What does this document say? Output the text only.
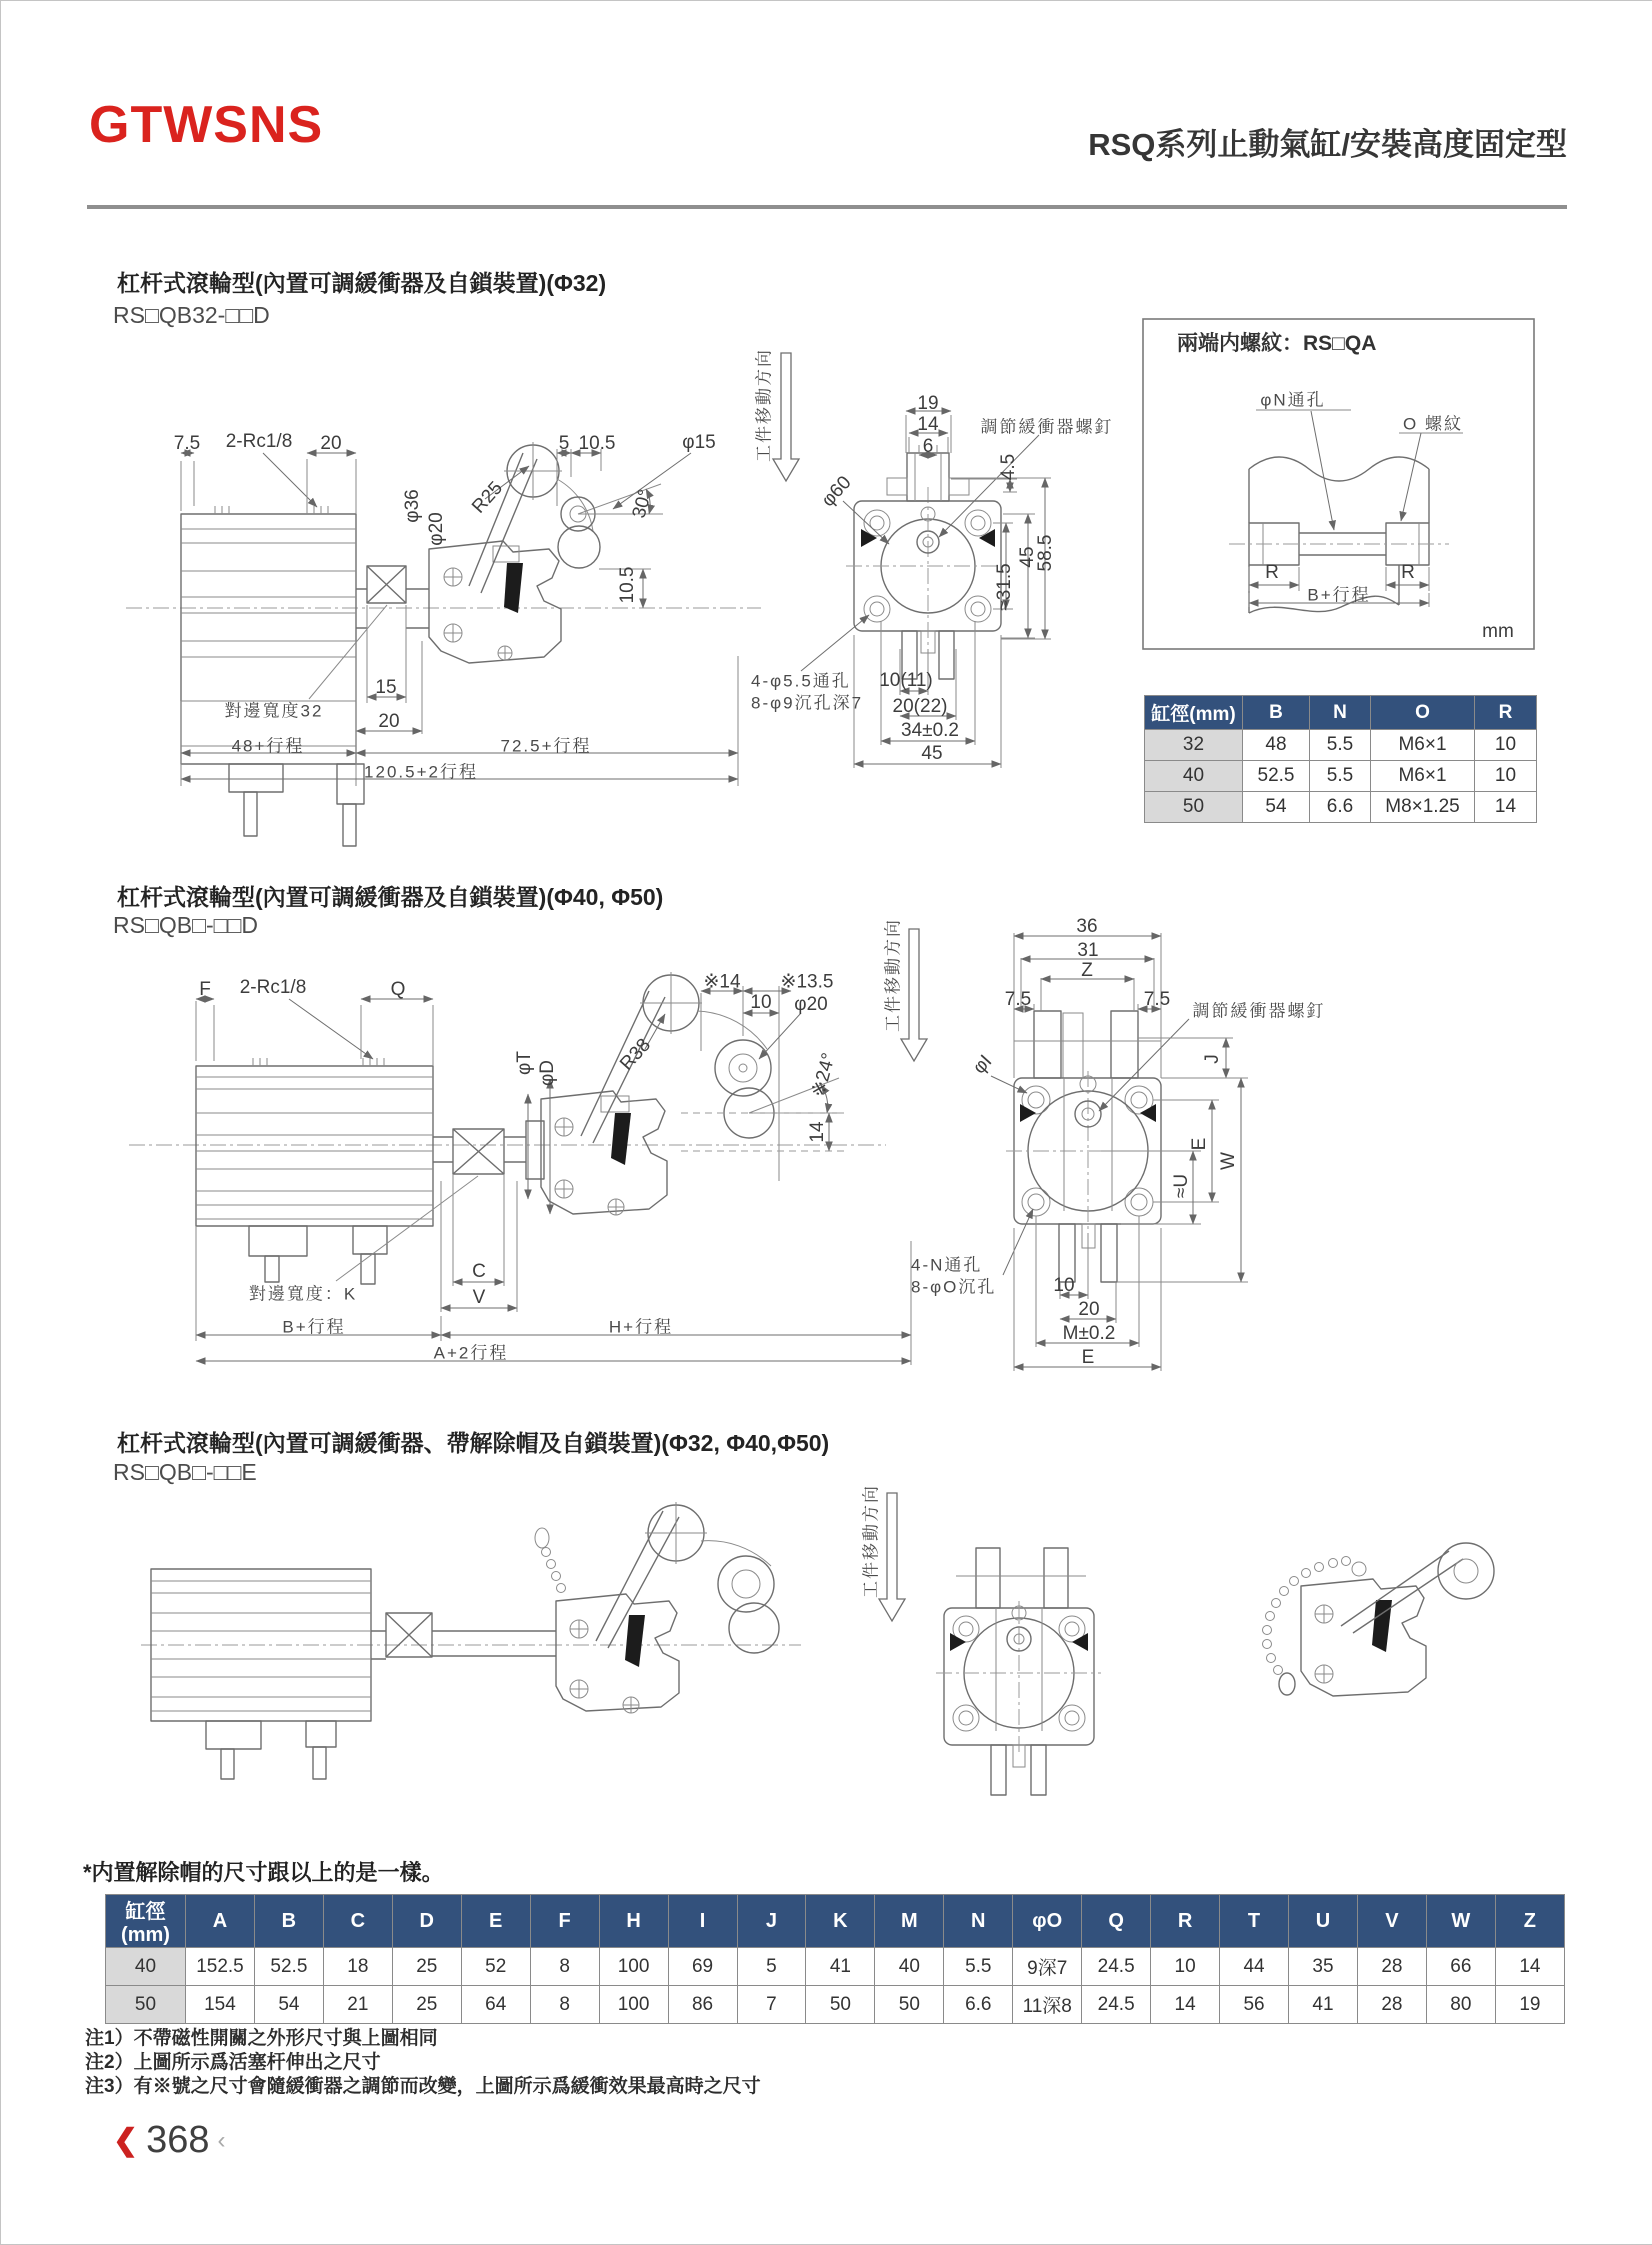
GTWSNS	RSQ系列止動氣缸/安裝高度固定型
杠杆式滾輪型(內置可調緩衝器及自鎖裝置)(Φ32)
RS□QB32-□□D
杠杆式滾輪型(內置可調緩衝器及自鎖裝置)(Φ40, Φ50)
RS□QB□-□□D
杠杆式滾輪型(內置可調緩衝器、帶解除帽及自鎖裝置)(Φ32, Φ40,Φ50)
RS□QB□-□□E
7.5 2-Rc1/8 20
φ36
φ20
R25
5 10.5	φ15
30°
10.5
對邊寬度32
15
20
48+行程	72.5+行程
120.5+2行程
工件移動方向	19
14
6
調節緩衝器螺釘
φ60
4.5
45
58.5
≈31.5
4-φ5.5通孔
8-φ9沉孔深7
10(11)
20(22)
34±0.2
45
兩端内螺紋：RS□QA
φN通孔
O 螺紋
R	R
B+行程
mm
F 2-Rc1/8	Q
φT φD
※14 ※13.5
10 φ20
R38	※24°
14
對邊寬度：K
C
V
B+行程	H+行程
A+2行程
工件移動方向	36
31
Z
7.5	7.5
調節緩衝器螺釘
φI	J
E
W
≈U
4-N通孔
8-φO沉孔	10
20
M±0.2
E
工件移動方向
缸徑(mm)	B	N	O	R
32	48	5.5	M6×1	10
40	52.5	5.5	M6×1	10
50	54	6.6	M8×1.25	14
*内置解除帽的尺寸跟以上的是一樣。
缸徑(mm)	A	B	C	D	E	F	H	I	J	K	M	N	φO	Q	R	T	U	V	W	Z
40	152.5	52.5	18	25	52	8	100	69	5	41	40	5.5	9深7	24.5	10	44	35	28	66	14
50	154	54	21	25	64	8	100	86	7	50	50	6.6	11深8	24.5	14	56	41	28	80	19
注1）不帶磁性開關之外形尺寸與上圖相同
注2）上圖所示爲活塞杆伸出之尺寸
注3）有※號之尺寸會隨緩衝器之調節而改變，上圖所示爲緩衝效果最高時之尺寸
❮ 368 ‹
